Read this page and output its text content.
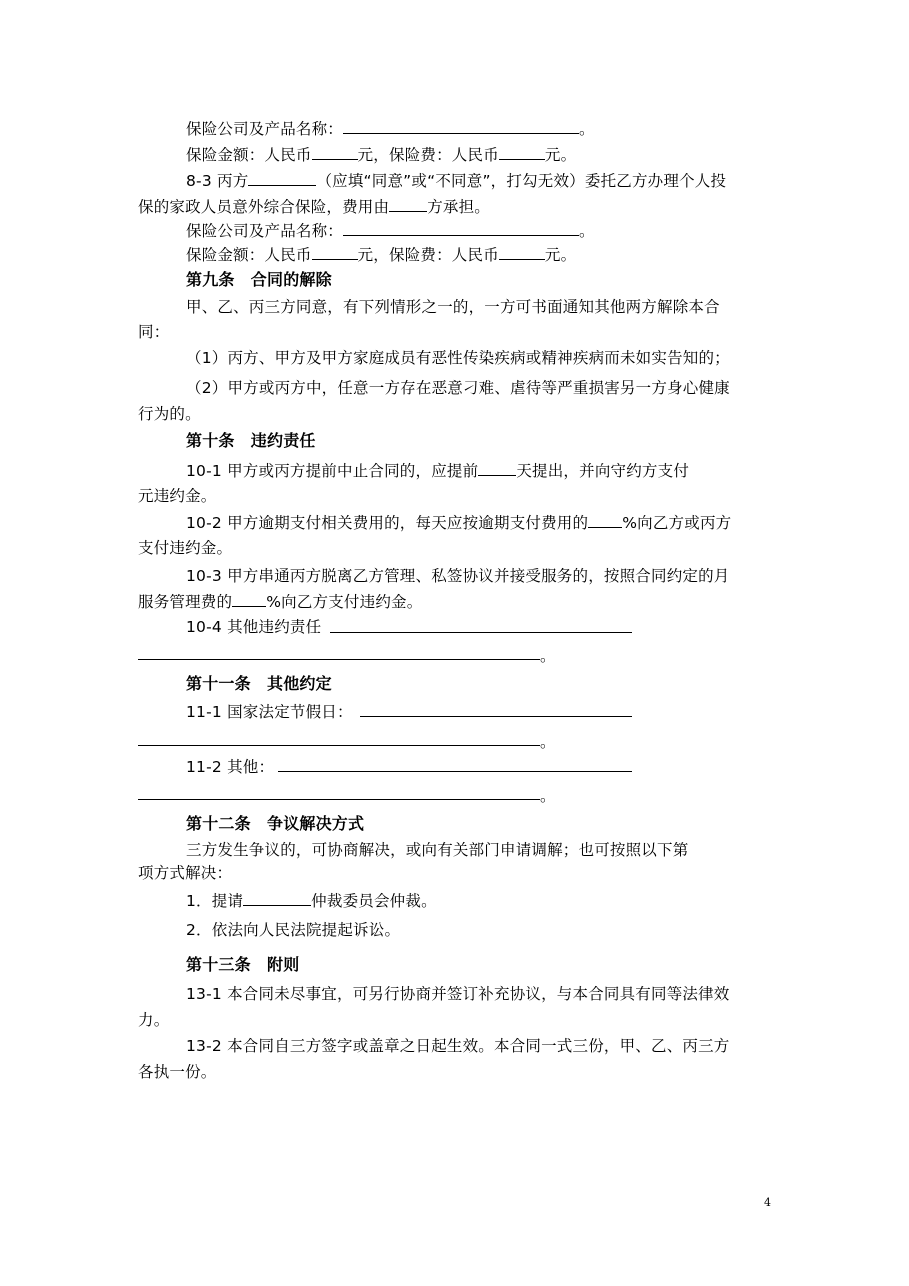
保险公司及产品名称：	。
保险金额：人民币	元，保险费：人民币	元。
8-3 丙方	（应填“同意”或“不同意”，打勾无效）委托乙方办理个人投
保的家政人员意外综合保险，费用由 方承担。
保险公司及产品名称：	。
保险金额：人民币	元，保险费：人民币	元。
第九条　合同的解除
甲、乙、丙三方同意，有下列情形之一的，一方可书面通知其他两方解除本合
同：
（1）丙方、甲方及甲方家庭成员有恶性传染疾病或精神疾病而未如实告知的；
（2）甲方或丙方中，任意一方存在恶意刁难、虐待等严重损害另一方身心健康
行为的。
第十条　违约责任
10-1 甲方或丙方提前中止合同的，应提前 天提出，并向守约方支付
元违约金。
10-2 甲方逾期支付相关费用的，每天应按逾期支付费用的 %向乙方或丙方
支付违约金。
10-3 甲方串通丙方脱离乙方管理、私签协议并接受服务的，按照合同约定的月
服务管理费的 %向乙方支付违约金。
10-4 其他违约责任
。
第十一条　其他约定
11-1 国家法定节假日：
。
11-2 其他：
。
第十二条　争议解决方式
三方发生争议的，可协商解决，或向有关部门申请调解；也可按照以下第
项方式解决：
1．提请	仲裁委员会仲裁。
2．依法向人民法院提起诉讼。
第十三条　附则
13-1 本合同未尽事宜，可另行协商并签订补充协议，与本合同具有同等法律效
力。
13-2 本合同自三方签字或盖章之日起生效。本合同一式三份，甲、乙、丙三方
各执一份。
4
